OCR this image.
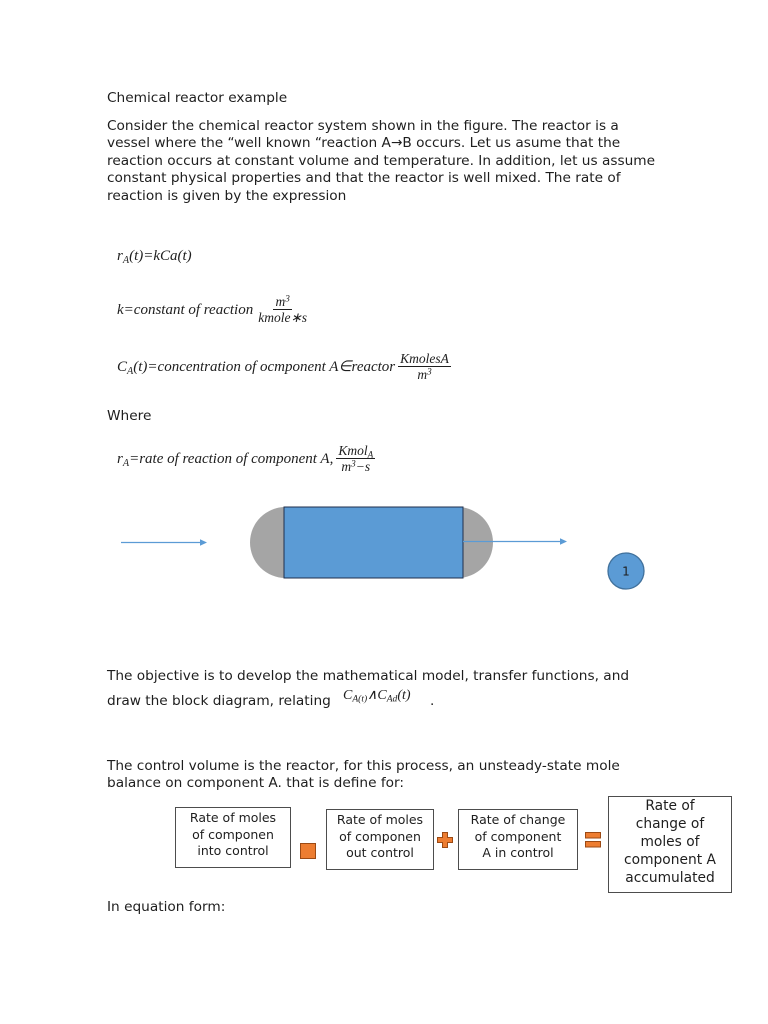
Chemical reactor example
Consider the chemical reactor system shown in the figure. The reactor is a
vessel where the “well known “reaction A→B occurs. Let us asume that the
reaction occurs at constant volume and temperature. In addition, let us assume
constant physical properties and that the reactor is well mixed. The rate of
reaction is given by the expression
$r_A(t)=kCa(t)$
k=constant of reaction $\frac{m^3}{\text{kmole∗s}}$
$C_A(t)=concentration$ of ocmponent A∈reactor $\frac{\text{KmolesA}}{m^3}$
Where
$r_A=rate$ of reaction of component A, $\frac{Kmol_A}{m^3-s}$
1
The objective is to develop the mathematical model, transfer functions, and
draw the block diagram, relating $C_{A(t)}\wedge C_{Ad}(t)$ .
The control volume is the reactor, for this process, an unsteady-state mole
balance on component A. that is define for:
Rate of moles
of componen
into control
Rate of moles
of componen
out control
Rate of change
of component
A in control
Rate of
change of
moles of
component A
accumulated
In equation form:
